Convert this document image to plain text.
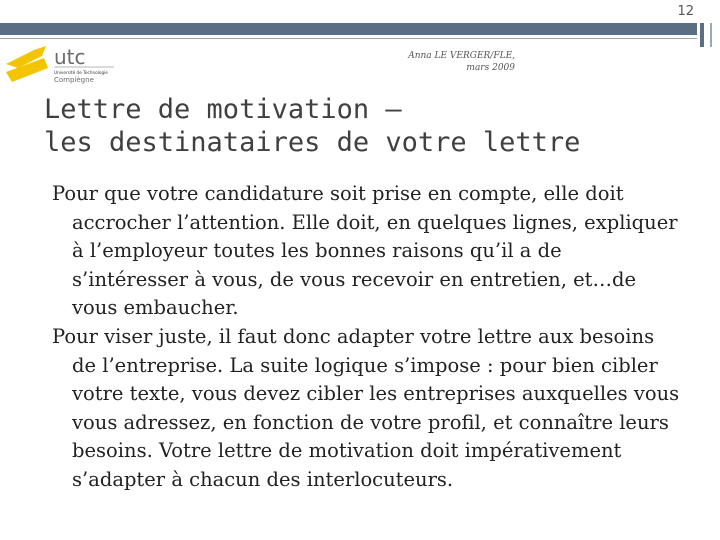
12
utc
Université de Technologie
Compiègne
Anna LE VERGER/FLE,
mars 2009
Lettre de motivation –
les destinataires de votre lettre

Pour que votre candidature soit prise en compte, elle doit accrocher l’attention. Elle doit, en quelques lignes, expliquer à l’employeur toutes les bonnes raisons qu’il a de s’intéresser à vous, de vous recevoir en entretien, et…de vous embaucher.

Pour viser juste, il faut donc adapter votre lettre aux besoins de l’entreprise. La suite logique s’impose : pour bien cibler votre texte, vous devez cibler les entreprises auxquelles vous vous adressez, en fonction de votre profil, et connaître leurs besoins. Votre lettre de motivation doit impérativement s’adapter à chacun des interlocuteurs.
